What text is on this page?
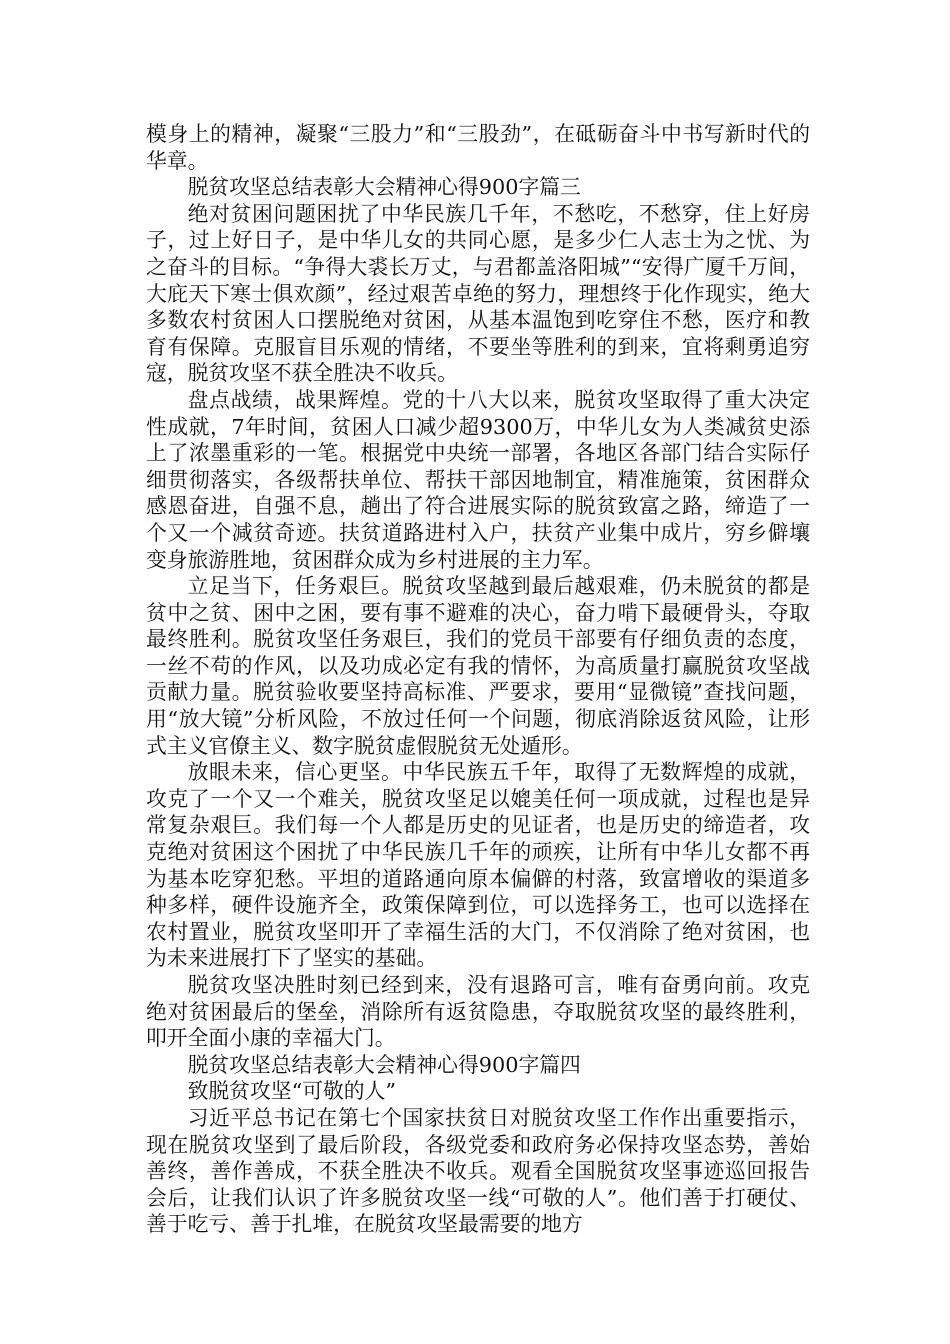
模身上的精神，凝聚“三股力”和“三股劲”，在砥砺奋斗中书写新时代的华章。

脱贫攻坚总结表彰大会精神心得900字篇三

绝对贫困问题困扰了中华民族几千年，不愁吃，不愁穿，住上好房子，过上好日子，是中华儿女的共同心愿，是多少仁人志士为之忧、为之奋斗的目标。“争得大裘长万丈，与君都盖洛阳城”“安得广厦千万间，大庇天下寒士俱欢颜”，经过艰苦卓绝的努力，理想终于化作现实，绝大多数农村贫困人口摆脱绝对贫困，从基本温饱到吃穿住不愁，医疗和教育有保障。克服盲目乐观的情绪，不要坐等胜利的到来，宜将剩勇追穷寇，脱贫攻坚不获全胜决不收兵。

盘点战绩，战果辉煌。党的十八大以来，脱贫攻坚取得了重大决定性成就，7年时间，贫困人口减少超9300万，中华儿女为人类减贫史添上了浓墨重彩的一笔。根据党中央统一部署，各地区各部门结合实际仔细贯彻落实，各级帮扶单位、帮扶干部因地制宜，精准施策，贫困群众感恩奋进，自强不息，趟出了符合进展实际的脱贫致富之路，缔造了一个又一个减贫奇迹。扶贫道路进村入户，扶贫产业集中成片，穷乡僻壤变身旅游胜地，贫困群众成为乡村进展的主力军。

立足当下，任务艰巨。脱贫攻坚越到最后越艰难，仍未脱贫的都是贫中之贫、困中之困，要有事不避难的决心，奋力啃下最硬骨头，夺取最终胜利。脱贫攻坚任务艰巨，我们的党员干部要有仔细负责的态度，一丝不苟的作风，以及功成必定有我的情怀，为高质量打赢脱贫攻坚战贡献力量。脱贫验收要坚持高标准、严要求，要用“显微镜”查找问题，用“放大镜”分析风险，不放过任何一个问题，彻底消除返贫风险，让形式主义官僚主义、数字脱贫虚假脱贫无处遁形。

放眼未来，信心更坚。中华民族五千年，取得了无数辉煌的成就，攻克了一个又一个难关，脱贫攻坚足以媲美任何一项成就，过程也是异常复杂艰巨。我们每一个人都是历史的见证者，也是历史的缔造者，攻克绝对贫困这个困扰了中华民族几千年的顽疾，让所有中华儿女都不再为基本吃穿犯愁。平坦的道路通向原本偏僻的村落，致富增收的渠道多种多样，硬件设施齐全，政策保障到位，可以选择务工，也可以选择在农村置业，脱贫攻坚叩开了幸福生活的大门，不仅消除了绝对贫困，也为未来进展打下了坚实的基础。

脱贫攻坚决胜时刻已经到来，没有退路可言，唯有奋勇向前。攻克绝对贫困最后的堡垒，消除所有返贫隐患，夺取脱贫攻坚的最终胜利，叩开全面小康的幸福大门。

脱贫攻坚总结表彰大会精神心得900字篇四

致脱贫攻坚“可敬的人”

习近平总书记在第七个国家扶贫日对脱贫攻坚工作作出重要指示，现在脱贫攻坚到了最后阶段，各级党委和政府务必保持攻坚态势，善始善终，善作善成，不获全胜决不收兵。观看全国脱贫攻坚事迹巡回报告会后，让我们认识了许多脱贫攻坚一线“可敬的人”。他们善于打硬仗、善于吃亏、善于扎堆，在脱贫攻坚最需要的地方
